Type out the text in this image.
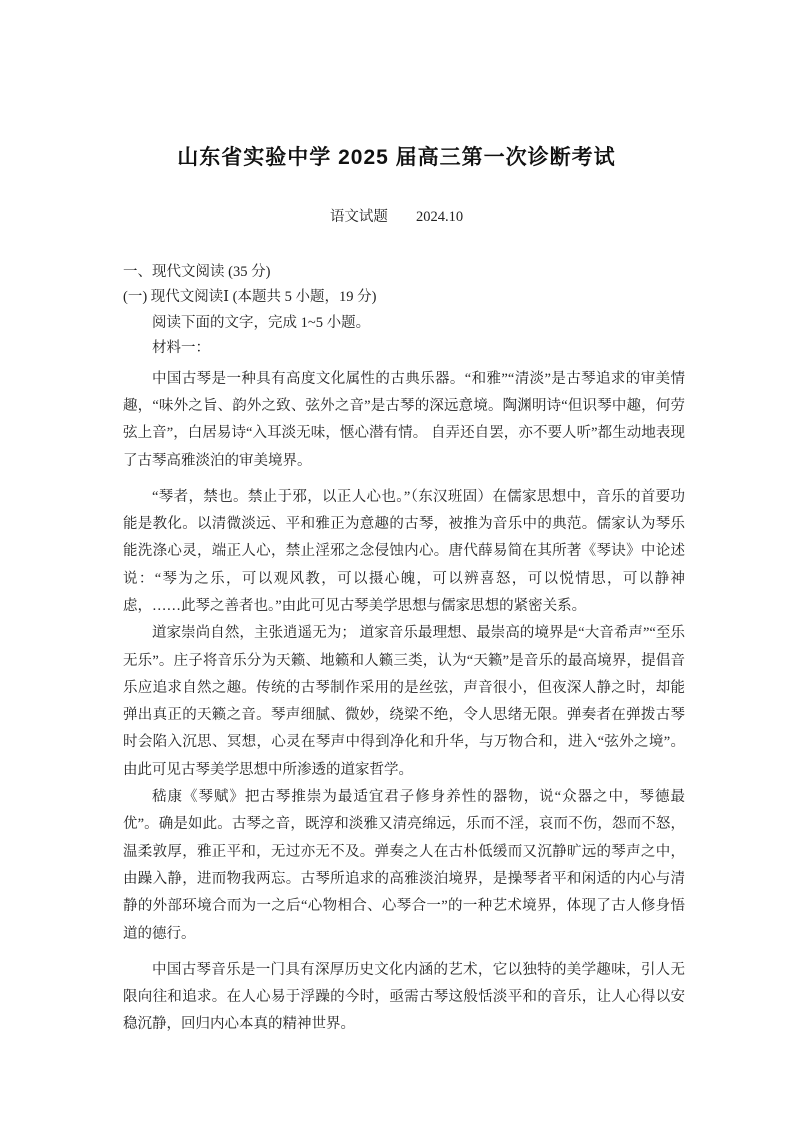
山东省实验中学 2025 届高三第一次诊断考试
语文试题 2024.10

一、现代文阅读 (35 分)

(一) 现代文阅读Ⅰ (本题共 5 小题，19 分)

阅读下面的文字，完成 1~5 小题。

材料一：

中国古琴是一种具有高度文化属性的古典乐器。“和雅”“清淡”是古琴追求的审美情趣，“味外之旨、韵外之致、弦外之音”是古琴的深远意境。陶渊明诗“但识琴中趣，何劳弦上音”，白居易诗“入耳淡无味，惬心潜有情。 自弄还自罢，亦不要人听”都生动地表现了古琴高雅淡泊的审美境界。

“琴者，禁也。禁止于邪，以正人心也。”（东汉班固）在儒家思想中，音乐的首要功能是教化。以清微淡远、平和雅正为意趣的古琴，被推为音乐中的典范。儒家认为琴乐能洗涤心灵，端正人心，禁止淫邪之念侵蚀内心。唐代薛易简在其所著《琴诀》中论述说：“琴为之乐，可以观风教，可以摄心魄，可以辨喜怒，可以悦情思，可以静神虑，……此琴之善者也。”由此可见古琴美学思想与儒家思想的紧密关系。

道家崇尚自然，主张逍遥无为； 道家音乐最理想、最崇高的境界是“大音希声”“至乐无乐”。庄子将音乐分为天籁、地籁和人籁三类，认为“天籁”是音乐的最高境界，提倡音乐应追求自然之趣。传统的古琴制作采用的是丝弦，声音很小，但夜深人静之时，却能弹出真正的天籁之音。琴声细腻、微妙，绕梁不绝，令人思绪无限。弹奏者在弹拨古琴时会陷入沉思、冥想，心灵在琴声中得到净化和升华，与万物合和，进入“弦外之境”。由此可见古琴美学思想中所渗透的道家哲学。

嵇康《琴赋》把古琴推崇为最适宜君子修身养性的器物，说“众器之中，琴德最优”。确是如此。古琴之音，既淳和淡雅又清亮绵远，乐而不淫，哀而不伤，怨而不怒，温柔敦厚，雅正平和，无过亦无不及。弹奏之人在古朴低缓而又沉静旷远的琴声之中，由躁入静，进而物我两忘。古琴所追求的高雅淡泊境界，是操琴者平和闲适的内心与清静的外部环境合而为一之后“心物相合、心琴合一”的一种艺术境界，体现了古人修身悟道的德行。

中国古琴音乐是一门具有深厚历史文化内涵的艺术，它以独特的美学趣味，引人无限向往和追求。在人心易于浮躁的今时，亟需古琴这般恬淡平和的音乐，让人心得以安稳沉静，回归内心本真的精神世界。
